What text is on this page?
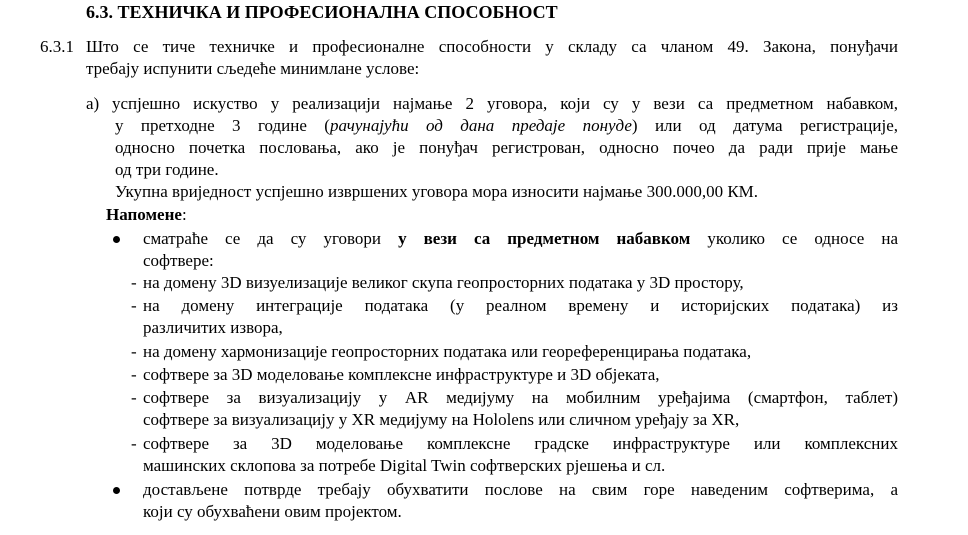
6.3. ТЕХНИЧКА И ПРОФЕСИОНАЛНА СПОСОБНОСТ
6.3.1 Што се тиче техничке и професионалне способности у складу са чланом 49. Закона, понуђачи
требају испунити сљедеће минимлане услове:
а) успјешно искуство у реализацији најмање 2 уговора, који су у вези са предметном набавком,
у претходне 3 године (рачунајући од дана предаје понуде) или од датума регистрације,
односно почетка пословања, ако је понуђач регистрован, односно почео да ради прије мање
од три године.
Укупна вриједност успјешно извршених уговора мора износити најмање 300.000,00 КМ.
Напомене:
сматраће се да су уговори у вези са предметном набавком уколико се односе на
софтвере:
- на домену 3D визуелизације великог скупа геопросторних података у 3D простору,
- на домену интеграције података (у реалном времену и историјских података) из
различитих извора,
- на домену хармонизације геопросторних података или геореференцирања података,
- софтвере за 3D моделовање комплексне инфраструктуре и 3D објеката,
- софтвере за визуализацију у AR медијуму на мобилним уређајима (смартфон, таблет)
софтвере за визуализацију у XR медијуму на Hololens или сличном уређају за XR,
- софтвере за 3D моделовање комплексне градске инфраструктуре или комплексних
машинских склопова за потребе Digital Twin софтверских рјешења и сл.
достављене потврде требају обухватити послове на свим горе наведеним софтверима, а
који су обухваћени овим пројектом.
